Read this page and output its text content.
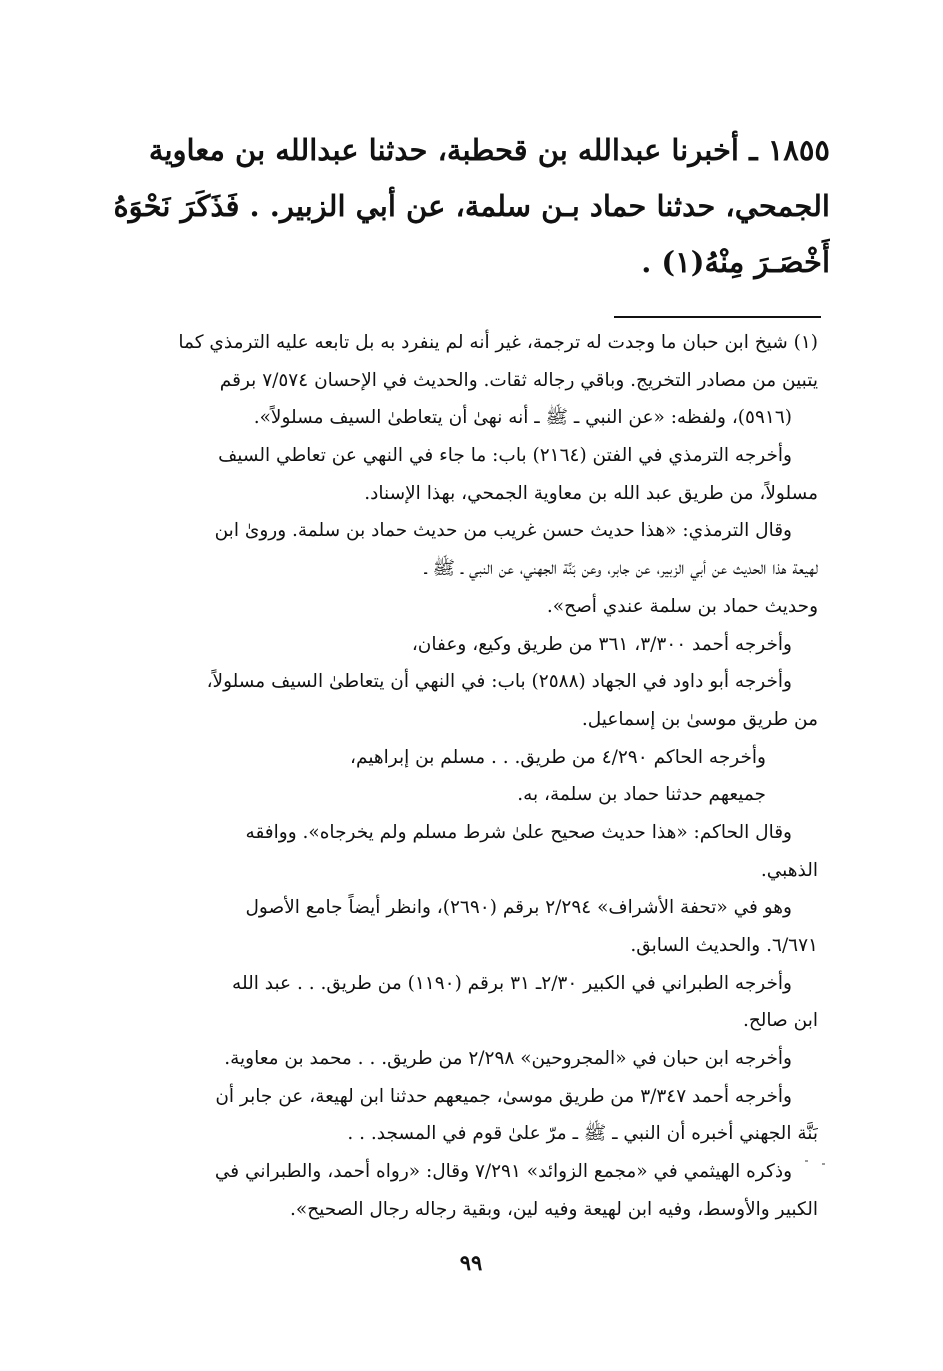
١٨٥٥ ـ أخبرنا عبدالله بن قحطبة، حدثنا عبدالله بن معاوية
الجمحي، حدثنا حماد بـن سلمة، عن أبي الزبير. . فَذَكَرَ نَحْوَهُ
أَخْصَـرَ مِنْهُ(١) .
(١) شيخ ابن حبان ما وجدت له ترجمة، غير أنه لم ينفرد به بل تابعه عليه الترمذي كما
يتبين من مصادر التخريج. وباقي رجاله ثقات. والحديث في الإحسان ٧/٥٧٤ برقم
(٥٩١٦)، ولفظه: «عن النبي ـ ﷺ ـ أنه نهىٰ أن يتعاطىٰ السيف مسلولاً».
وأخرجه الترمذي في الفتن (٢١٦٤) باب: ما جاء في النهي عن تعاطي السيف
مسلولاً، من طريق عبد الله بن معاوية الجمحي، بهذا الإسناد.
وقال الترمذي: «هذا حديث حسن غريب من حديث حماد بن سلمة. وروىٰ ابن
لهيعة هذا الحديث عن أبي الزبير، عن جابر، وعن بَنَّة الجهني، عن النبي ـ ﷺ ـ
وحديث حماد بن سلمة عندي أصح».
وأخرجه أحمد ٣/٣٠٠، ٣٦١ من طريق وكيع، وعفان،
وأخرجه أبو داود في الجهاد (٢٥٨٨) باب: في النهي أن يتعاطىٰ السيف مسلولاً،
من طريق موسىٰ بن إسماعيل.
وأخرجه الحاكم ٤/٢٩٠ من طريق. . . مسلم بن إبراهيم،
جميعهم حدثنا حماد بن سلمة، به.
وقال الحاكم: «هذا حديث صحيح علىٰ شرط مسلم ولم يخرجاه». ووافقه
الذهبي.
وهو في «تحفة الأشراف» ٢/٢٩٤ برقم (٢٦٩٠)، وانظر أيضاً جامع الأصول
٦/٦٧١. والحديث السابق.
وأخرجه الطبراني في الكبير ٢/٣٠ـ ٣١ برقم (١١٩٠) من طريق. . . عبد الله
ابن صالح.
وأخرجه ابن حبان في «المجروحين» ٢/٢٩٨ من طريق. . . محمد بن معاوية.
وأخرجه أحمد ٣/٣٤٧ من طريق موسىٰ، جميعهم حدثنا ابن لهيعة، عن جابر أن
بَنَّة الجهني أخبره أن النبي ـ ﷺ ـ مرّ علىٰ قوم في المسجد. . .
وذكره الهيثمي في «مجمع الزوائد» ٧/٢٩١ وقال: «رواه أحمد، والطبراني في
الكبير والأوسط، وفيه ابن لهيعة وفيه لين، وبقية رجاله رجال الصحيح».
٩٩
